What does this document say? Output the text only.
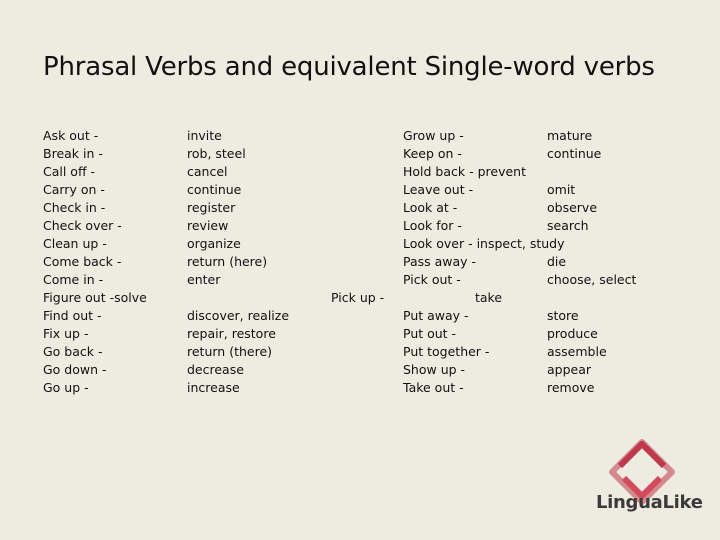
Phrasal Verbs and equivalent Single-word verbs
Ask out -
Break in -
Call off -
Carry on -
Check in -
Check over -
Clean up -
Come back -
Come in -
Figure out -solve
Find out -
Fix up -
Go back -
Go down -
Go up -
invite
rob, steel
cancel
continue
register
review
organize
return (here)
enter
discover, realize
repair, restore
return (there)
decrease
increase
Pick up -
Grow up -
Keep on -
Hold back - prevent
Leave out -
Look at -
Look for -
Look over - inspect, study
Pass away -
Pick out -
Put away -
Put out -
Put together -
Show up -
Take out -
mature
continue
omit
observe
search
die
choose, select
store
produce
assemble
appear
remove
take
LinguaLike
